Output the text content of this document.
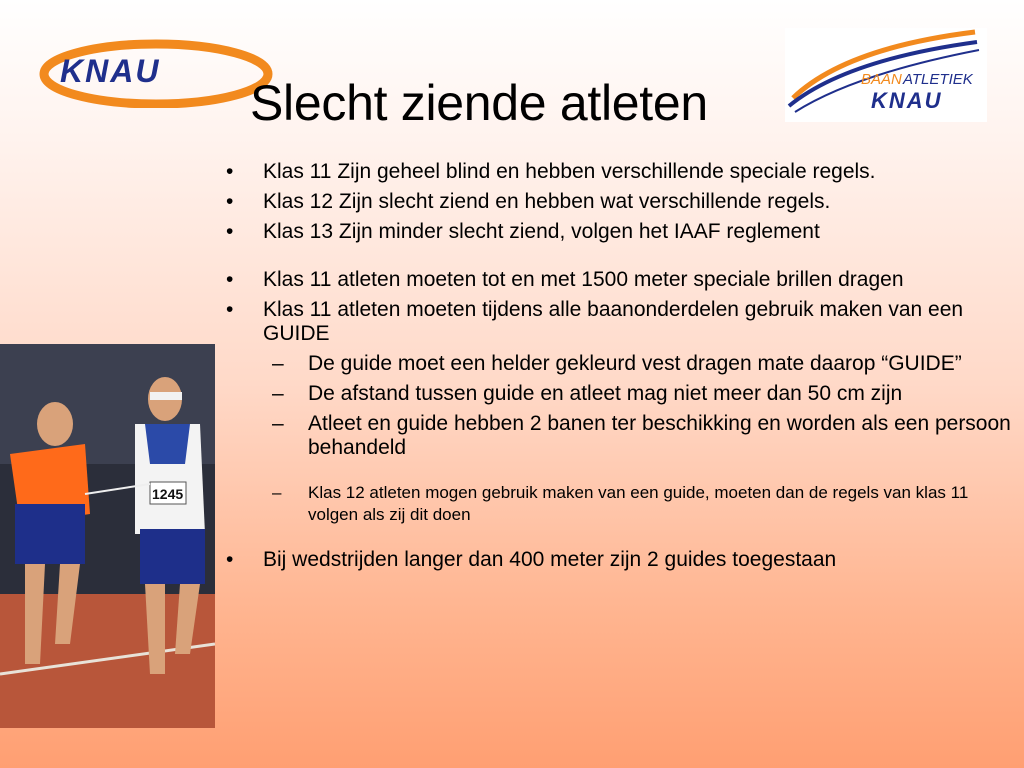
KNAU	BAAN ATLETIEK
KNAU
Slecht ziende atleten
1245
• Klas 11 Zijn geheel blind en hebben verschillende speciale regels.
• Klas 12 Zijn slecht ziend en hebben wat verschillende regels.
• Klas 13 Zijn minder slecht ziend, volgen het IAAF reglement
• Klas 11 atleten moeten tot en met 1500 meter speciale brillen dragen
• Klas 11 atleten moeten tijdens alle baanonderdelen gebruik maken van een GUIDE
– De guide moet een helder gekleurd vest dragen mate daarop “GUIDE”
– De afstand tussen guide en atleet mag niet meer dan 50 cm zijn
– Atleet en guide hebben 2 banen ter beschikking en worden als een persoon behandeld
– Klas 12 atleten mogen gebruik maken van een guide, moeten dan de regels van klas 11 volgen als zij dit doen
• Bij wedstrijden langer dan 400 meter zijn 2 guides toegestaan
